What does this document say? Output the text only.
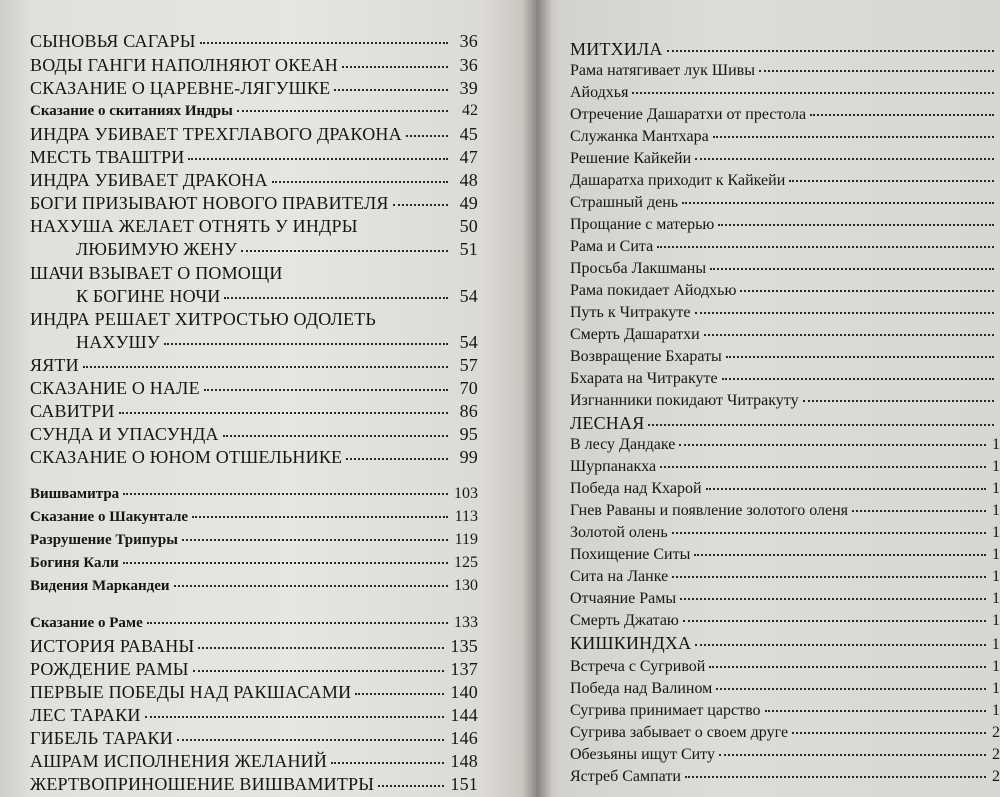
СЫНОВЬЯ САГАРЫ	36
ВОДЫ ГАНГИ НАПОЛНЯЮТ ОКЕАН	36
СКАЗАНИЕ О ЦАРЕВНЕ-ЛЯГУШКЕ	39
Сказание о скитаниях Индры	42
ИНДРА УБИВАЕТ ТРЕХГЛАВОГО ДРАКОНА	45
МЕСТЬ ТВАШТРИ	47
ИНДРА УБИВАЕТ ДРАКОНА	48
БОГИ ПРИЗЫВАЮТ НОВОГО ПРАВИТЕЛЯ	49
НАХУША ЖЕЛАЕТ ОТНЯТЬ У ИНДРЫ	50
ЛЮБИМУЮ ЖЕНУ	51
ШАЧИ ВЗЫВАЕТ О ПОМОЩИ
К БОГИНЕ НОЧИ	54
ИНДРА РЕШАЕТ ХИТРОСТЬЮ ОДОЛЕТЬ
НАХУШУ	54
ЯЯТИ	57
СКАЗАНИЕ О НАЛЕ	70
САВИТРИ	86
СУНДА И УПАСУНДА	95
СКАЗАНИЕ О ЮНОМ ОТШЕЛЬНИКЕ	99
Вишвамитра	103
Сказание о Шакунтале	113
Разрушение Трипуры	119
Богиня Кали	125
Видения Маркандеи	130
Сказание о Раме	133
ИСТОРИЯ РАВАНЫ	135
РОЖДЕНИЕ РАМЫ	137
ПЕРВЫЕ ПОБЕДЫ НАД РАКШАСАМИ	140
ЛЕС ТАРАКИ	144
ГИБЕЛЬ ТАРАКИ	146
АШРАМ ИСПОЛНЕНИЯ ЖЕЛАНИЙ	148
ЖЕРТВОПРИНОШЕНИЕ ВИШВАМИТРЫ	151
МИТХИЛА
Рама натягивает лук Шивы
Айодхья
Отречение Дашаратхи от престола
Служанка Мантхара
Решение Кайкейи
Дашаратха приходит к Кайкейи
Страшный день
Прощание с матерью
Рама и Сита
Просьба Лакшманы
Рама покидает Айодхью
Путь к Читракуте
Смерть Дашаратхи
Возвращение Бхараты
Бхарата на Читракуте
Изгнанники покидают Читракуту
ЛЕСНАЯ
В лесу Дандаке	1
Шурпанакха	1
Победа над Кхарой	1
Гнев Раваны и появление золотого оленя	1
Золотой олень	1
Похищение Ситы	1
Сита на Ланке	1
Отчаяние Рамы	1
Смерть Джатаю	1
КИШКИНДХА	1
Встреча с Сугривой	1
Победа над Валином	1
Сугрива принимает царство	1
Сугрива забывает о своем друге	2
Обезьяны ищут Ситу	2
Ястреб Сампати	2
